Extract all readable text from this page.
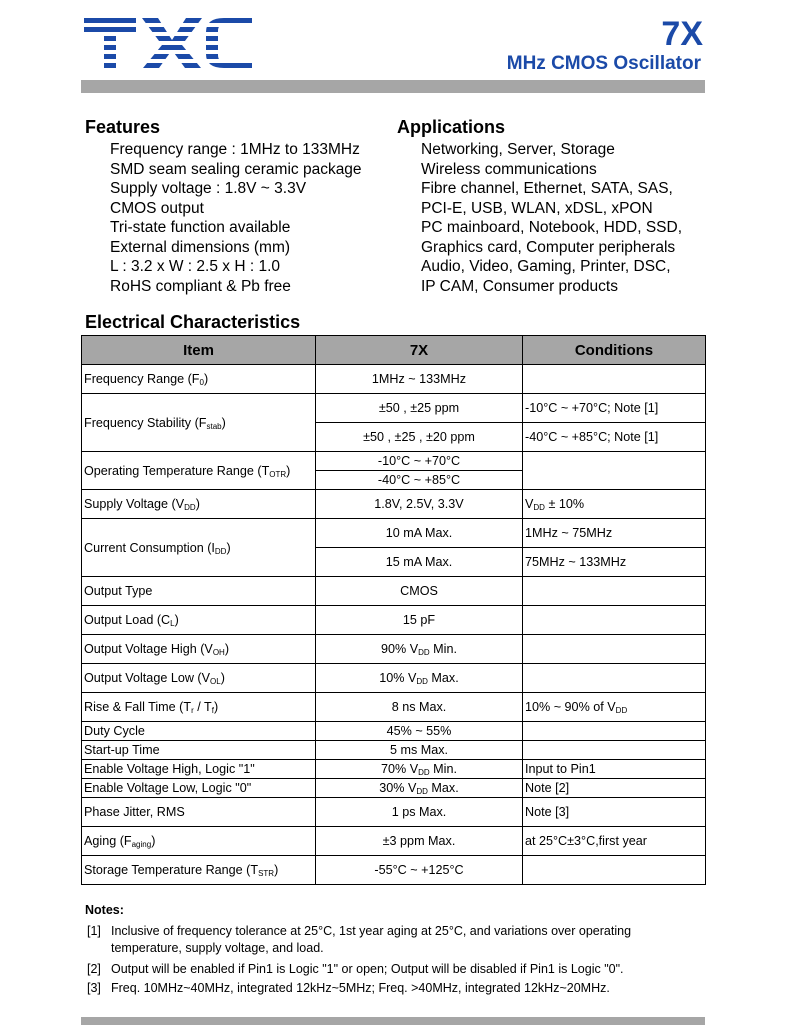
7X
MHz CMOS Oscillator
Features
Frequency range : 1MHz to 133MHz
SMD seam sealing ceramic package
Supply voltage : 1.8V ~ 3.3V
CMOS output
Tri-state function available
External dimensions (mm)
L : 3.2 x W : 2.5 x H : 1.0
RoHS compliant & Pb free
Applications
Networking, Server, Storage
Wireless communications
Fibre channel, Ethernet, SATA, SAS,
PCI-E, USB, WLAN, xDSL, xPON
PC mainboard, Notebook, HDD, SSD,
Graphics card, Computer peripherals
Audio, Video, Gaming, Printer, DSC,
IP CAM, Consumer products
Electrical Characteristics
Item	7X	Conditions
Frequency Range $(F_0)$	1MHz ~ 133MHz	
Frequency Stability $(F_{stab})$	±50 , ±25 ppm	-10°C ~ +70°C; Note [1]
	±50 , ±25 , ±20 ppm	-40°C ~ +85°C; Note [1]
Operating Temperature Range $(T_{OTR})$	-10°C ~ +70°C	
	-40°C ~ +85°C	
Supply Voltage $(V_{DD})$	1.8V, 2.5V, 3.3V	$V_{DD} \pm 10\%$
Current Consumption $(I_{DD})$	10 mA Max.	1MHz ~ 75MHz
	15 mA Max.	75MHz ~ 133MHz
Output Type	CMOS	
Output Load $(C_L)$	15 pF	
Output Voltage High $(V_{OH})$	90% $V_{DD}$ Min.	
Output Voltage Low $(V_{OL})$	10% $V_{DD}$ Max.	
Rise & Fall Time $(T_r / T_f)$	8 ns Max.	10% ~ 90% of $V_{DD}$
Duty Cycle	45% ~ 55%	
Start-up Time	5 ms Max.	
Enable Voltage High, Logic "1"	70% $V_{DD}$ Min.	Input to Pin1
Enable Voltage Low, Logic "0"	30% $V_{DD}$ Max.	Note [2]
Phase Jitter, RMS	1 ps Max.	Note [3]
Aging $(F_{aging})$	±3 ppm Max.	at 25°C±3°C,first year
Storage Temperature Range $(T_{STR})$	-55°C ~ +125°C	
Notes:
[1] Inclusive of frequency tolerance at 25°C, 1st year aging at 25°C, and variations over operating
temperature, supply voltage, and load.
[2] Output will be enabled if Pin1 is Logic "1" or open; Output will be disabled if Pin1 is Logic "0".
[3] Freq. 10MHz~40MHz, integrated 12kHz~5MHz; Freq. >40MHz, integrated 12kHz~20MHz.
